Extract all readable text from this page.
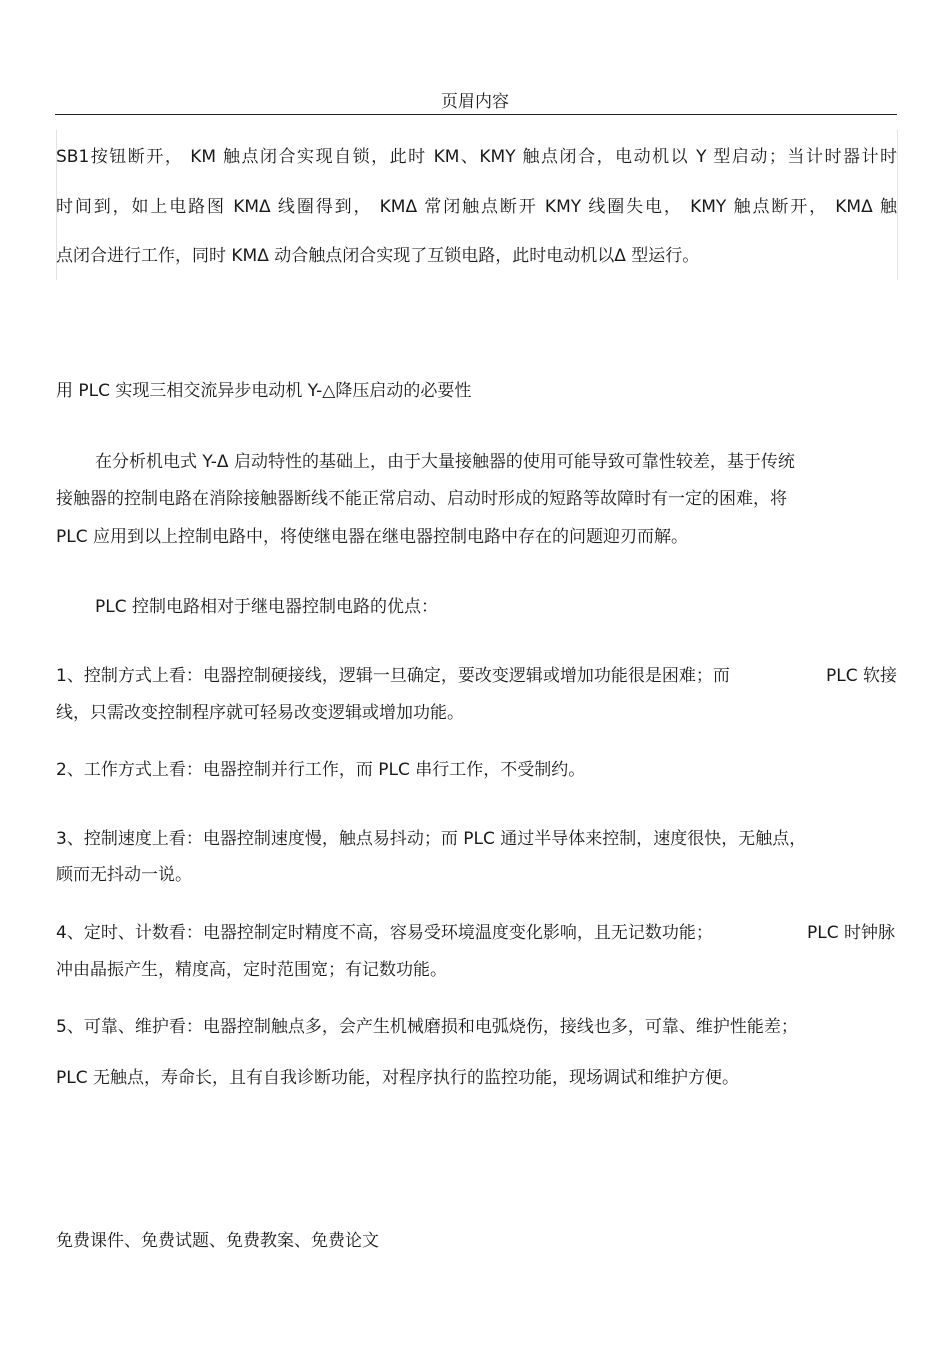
页眉内容
SB1按钮断开， KM 触点闭合实现自锁，此时 KM、KMY 触点闭合，电动机以 Y 型启动；当计时器计时
时间到，如上电路图 KMΔ 线圈得到， KMΔ 常闭触点断开 KMY 线圈失电， KMY 触点断开， KMΔ 触
点闭合进行工作，同时 KMΔ 动合触点闭合实现了互锁电路，此时电动机以Δ 型运行。
用 PLC 实现三相交流异步电动机 Y-△降压启动的必要性
在分析机电式 Y-Δ 启动特性的基础上，由于大量接触器的使用可能导致可靠性较差，基于传统
接触器的控制电路在消除接触器断线不能正常启动、启动时形成的短路等故障时有一定的困难，将
PLC 应用到以上控制电路中，将使继电器在继电器控制电路中存在的问题迎刃而解。
PLC 控制电路相对于继电器控制电路的优点：
1、控制方式上看：电器控制硬接线，逻辑一旦确定，要改变逻辑或增加功能很是困难；而	PLC 软接
线，只需改变控制程序就可轻易改变逻辑或增加功能。
2、工作方式上看：电器控制并行工作，而 PLC 串行工作，不受制约。
3、控制速度上看：电器控制速度慢，触点易抖动；而 PLC 通过半导体来控制，速度很快，无触点，
顾而无抖动一说。
4、定时、计数看：电器控制定时精度不高，容易受环境温度变化影响，且无记数功能；	PLC 时钟脉
冲由晶振产生，精度高，定时范围宽；有记数功能。
5、可靠、维护看：电器控制触点多，会产生机械磨损和电弧烧伤，接线也多，可靠、维护性能差；
PLC 无触点，寿命长，且有自我诊断功能，对程序执行的监控功能，现场调试和维护方便。
免费课件、免费试题、免费教案、免费论文
